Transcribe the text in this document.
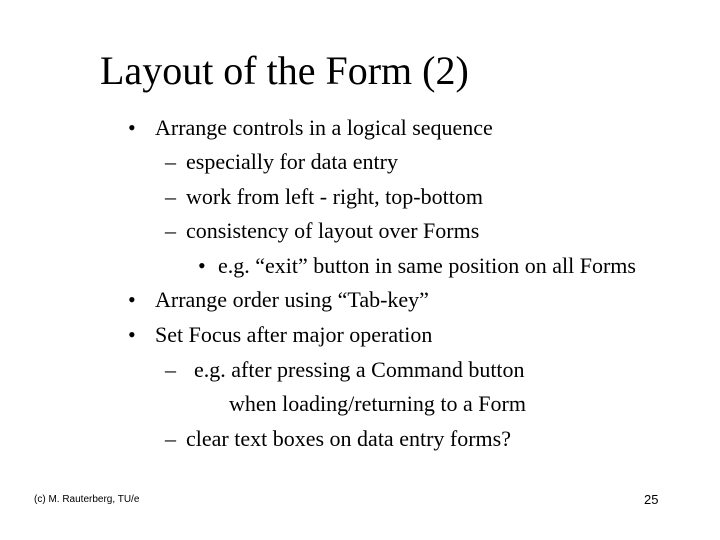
Layout of the Form (2)
• Arrange controls in a logical sequence
– especially for data entry
– work from left - right, top-bottom
– consistency of layout over Forms
• e.g. “exit” button in same position on all Forms
• Arrange order using “Tab-key”
• Set Focus after major operation
– e.g. after pressing a Command button
when loading/returning to a Form
– clear text boxes on data entry forms?
(c) M. Rauterberg, TU/e	25
